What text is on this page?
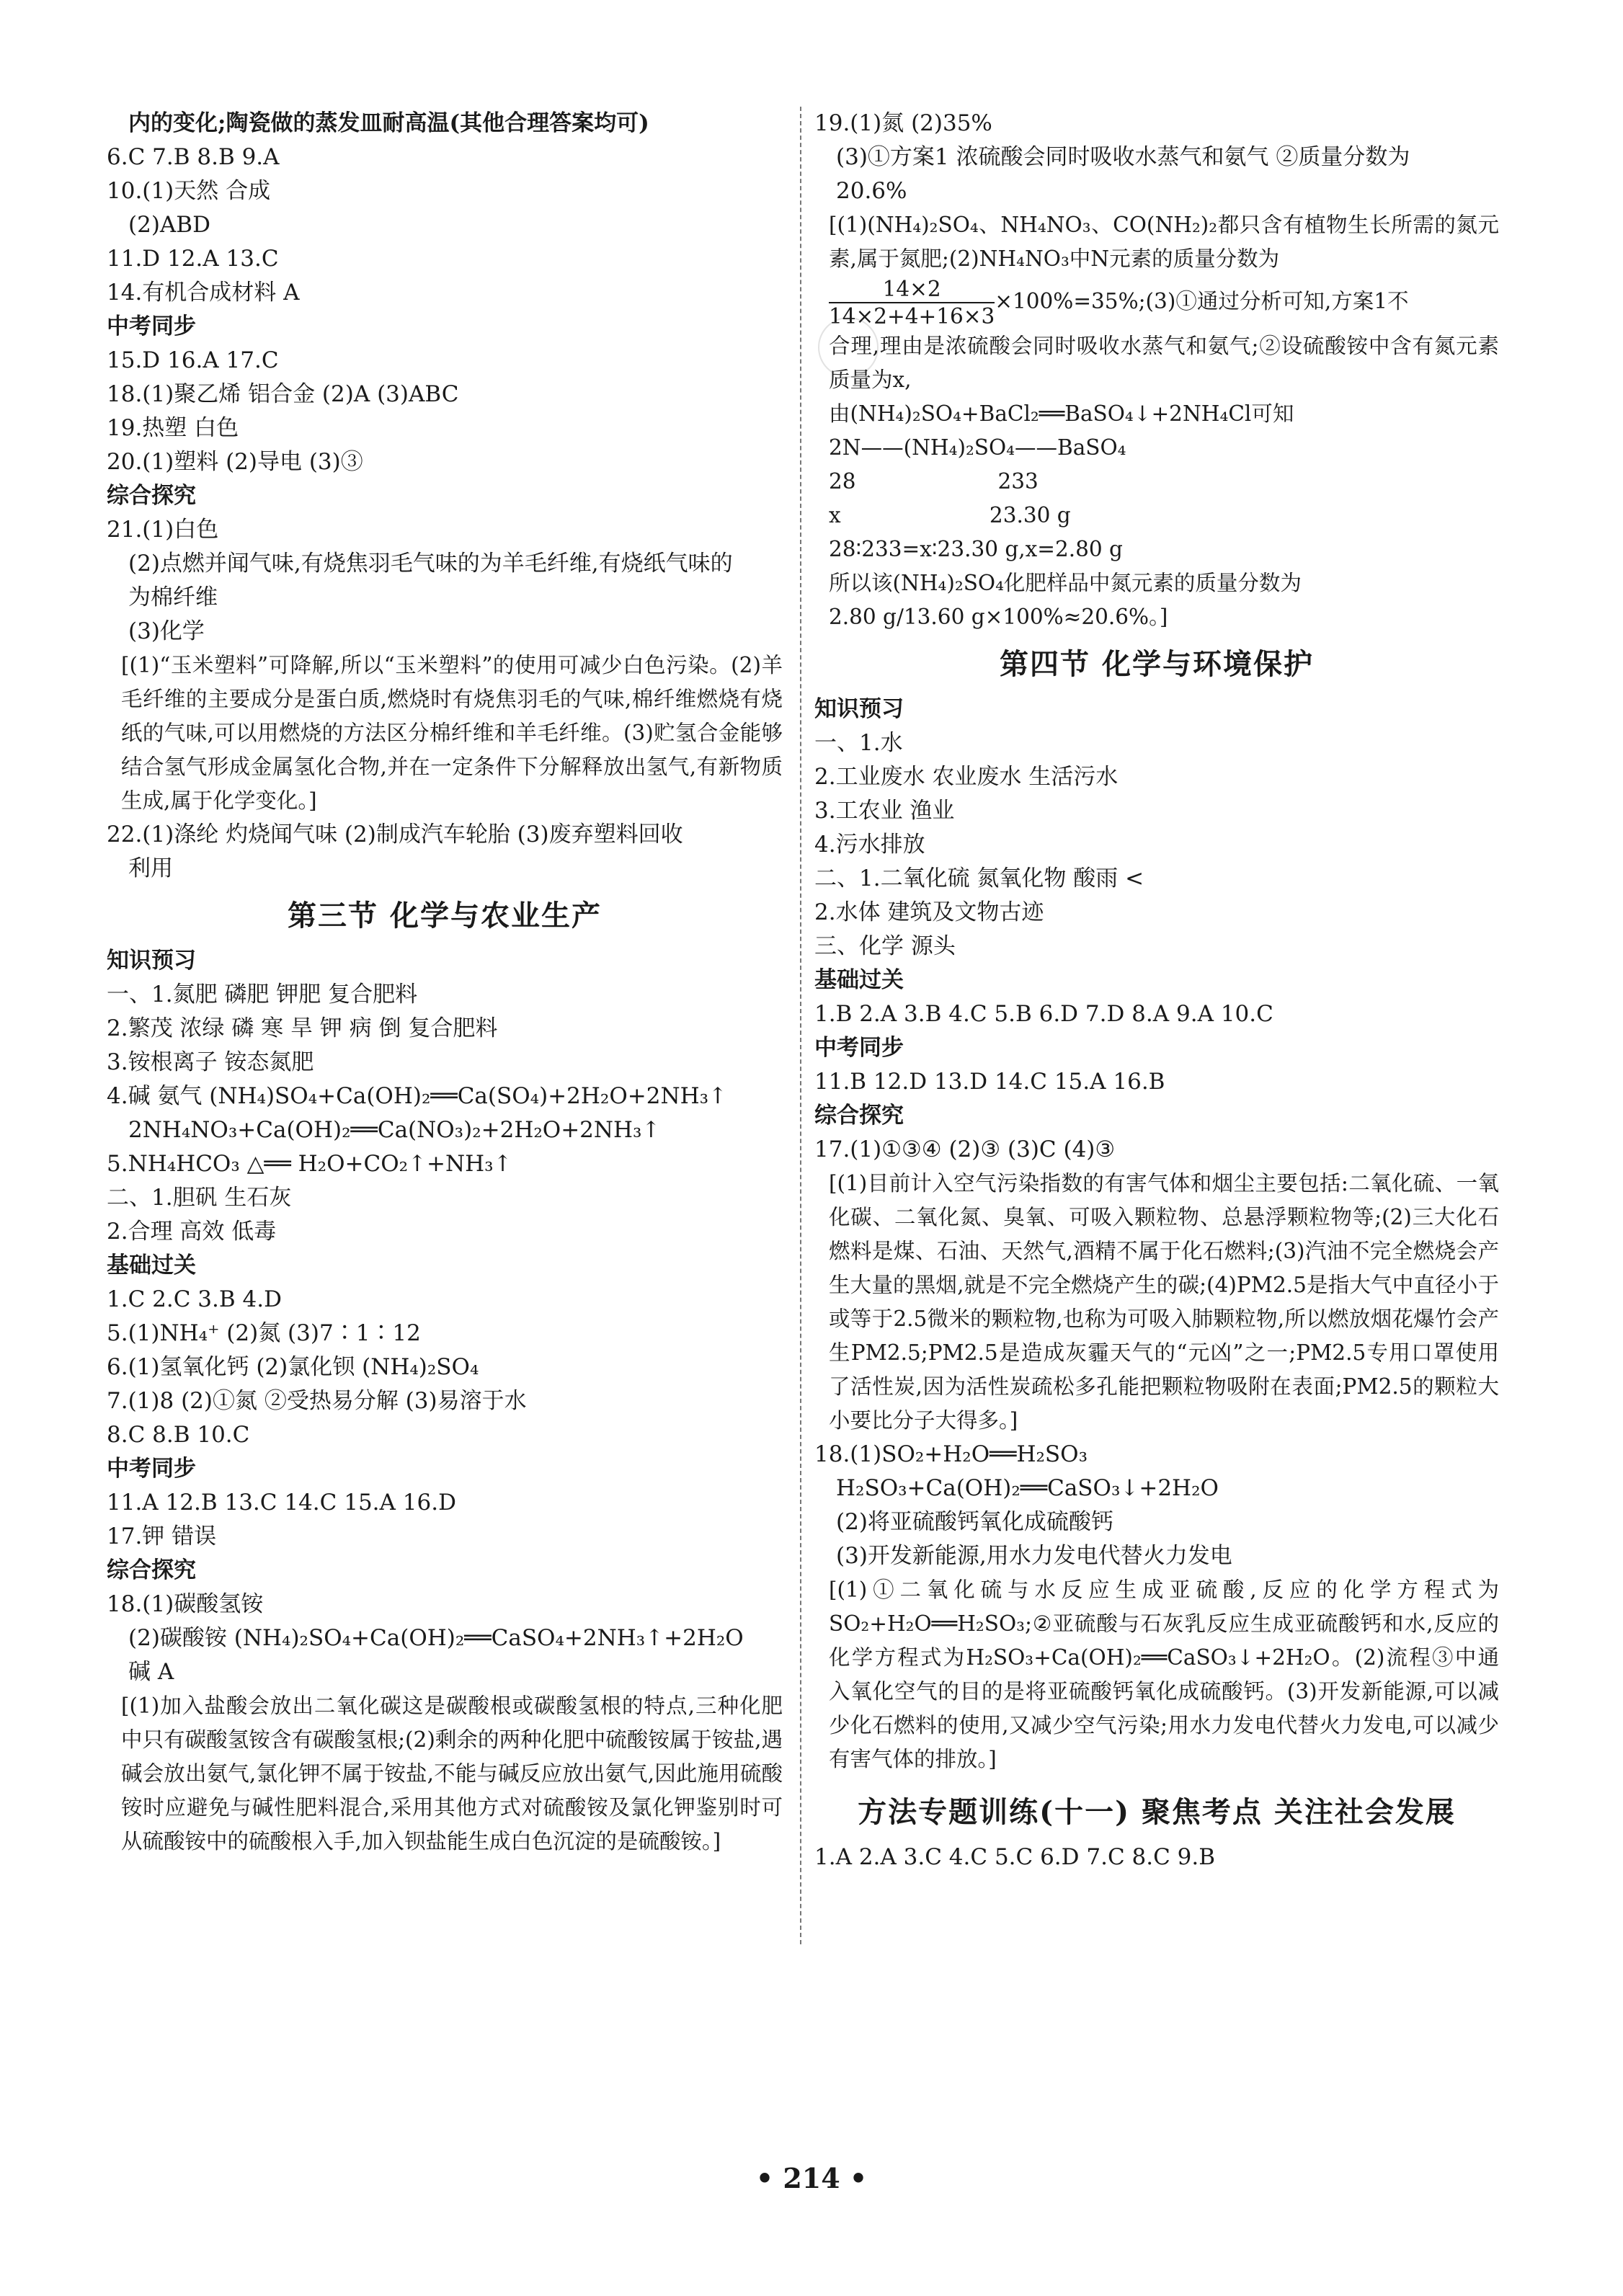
内的变化;陶瓷做的蒸发皿耐高温(其他合理答案均可)
6.C 7.B 8.B 9.A
10.(1)天然 合成
(2)ABD
11.D 12.A 13.C
14.有机合成材料 A
中考同步
15.D 16.A 17.C
18.(1)聚乙烯 铝合金 (2)A (3)ABC
19.热塑 白色
20.(1)塑料 (2)导电 (3)③
综合探究
21.(1)白色
(2)点燃并闻气味,有烧焦羽毛气味的为羊毛纤维,有烧纸气味的
为棉纤维
(3)化学
[(1)“玉米塑料”可降解,所以“玉米塑料”的使用可减少白色污染。(2)羊毛纤维的主要成分是蛋白质,燃烧时有烧焦羽毛的气味,棉纤维燃烧有烧纸的气味,可以用燃烧的方法区分棉纤维和羊毛纤维。(3)贮氢合金能够结合氢气形成金属氢化合物,并在一定条件下分解释放出氢气,有新物质生成,属于化学变化。]
22.(1)涤纶 灼烧闻气味 (2)制成汽车轮胎 (3)废弃塑料回收
利用
第三节 化学与农业生产
知识预习
一、1.氮肥 磷肥 钾肥 复合肥料
2.繁茂 浓绿 磷 寒 旱 钾 病 倒 复合肥料
3.铵根离子 铵态氮肥
4.碱 氨气 (NH₄)SO₄+Ca(OH)₂══Ca(SO₄)+2H₂O+2NH₃↑
2NH₄NO₃+Ca(OH)₂══Ca(NO₃)₂+2H₂O+2NH₃↑
5.NH₄HCO₃ △══ H₂O+CO₂↑+NH₃↑
二、1.胆矾 生石灰
2.合理 高效 低毒
基础过关
1.C 2.C 3.B 4.D
5.(1)NH₄⁺ (2)氮 (3)7∶1∶12
6.(1)氢氧化钙 (2)氯化钡 (NH₄)₂SO₄
7.(1)8 (2)①氮 ②受热易分解 (3)易溶于水
8.C 8.B 10.C
中考同步
11.A 12.B 13.C 14.C 15.A 16.D
17.钾 错误
综合探究
18.(1)碳酸氢铵
(2)碳酸铵 (NH₄)₂SO₄+Ca(OH)₂══CaSO₄+2NH₃↑+2H₂O
碱 A
[(1)加入盐酸会放出二氧化碳这是碳酸根或碳酸氢根的特点,三种化肥中只有碳酸氢铵含有碳酸氢根;(2)剩余的两种化肥中硫酸铵属于铵盐,遇碱会放出氨气,氯化钾不属于铵盐,不能与碱反应放出氨气,因此施用硫酸铵时应避免与碱性肥料混合,采用其他方式对硫酸铵及氯化钾鉴别时可从硫酸铵中的硫酸根入手,加入钡盐能生成白色沉淀的是硫酸铵。]
19.(1)氮 (2)35%
(3)①方案1 浓硫酸会同时吸收水蒸气和氨气 ②质量分数为
20.6%
[(1)(NH₄)₂SO₄、NH₄NO₃、CO(NH₂)₂都只含有植物生长所需的氮元素,属于氮肥;(2)NH₄NO₃中N元素的质量分数为

$\frac{14\times 2}{14\times 2+4+16\times 3}$ ×100%=35%;(3)①通过分析可知,方案1不
合理,理由是浓硫酸会同时吸收水蒸气和氨气;②设硫酸铵中含有氮元素质量为x,
由(NH₄)₂SO₄+BaCl₂══BaSO₄↓+2NH₄Cl可知
2N——(NH₄)₂SO₄——BaSO₄
28                     233
x                      23.30 g
28∶233=x∶23.30 g,x=2.80 g
所以该(NH₄)₂SO₄化肥样品中氮元素的质量分数为
2.80 g/13.60 g×100%≈20.6%。]
第四节 化学与环境保护
知识预习
一、1.水
2.工业废水 农业废水 生活污水
3.工农业 渔业
4.污水排放
二、1.二氧化硫 氮氧化物 酸雨 <
2.水体 建筑及文物古迹
三、化学 源头
基础过关
1.B 2.A 3.B 4.C 5.B 6.D 7.D 8.A 9.A 10.C
中考同步
11.B 12.D 13.D 14.C 15.A 16.B
综合探究
17.(1)①③④ (2)③ (3)C (4)③
[(1)目前计入空气污染指数的有害气体和烟尘主要包括:二氧化硫、一氧化碳、二氧化氮、臭氧、可吸入颗粒物、总悬浮颗粒物等;(2)三大化石燃料是煤、石油、天然气,酒精不属于化石燃料;(3)汽油不完全燃烧会产生大量的黑烟,就是不完全燃烧产生的碳;(4)PM2.5是指大气中直径小于或等于2.5微米的颗粒物,也称为可吸入肺颗粒物,所以燃放烟花爆竹会产生PM2.5;PM2.5是造成灰霾天气的“元凶”之一;PM2.5专用口罩使用了活性炭,因为活性炭疏松多孔能把颗粒物吸附在表面;PM2.5的颗粒大小要比分子大得多。]
18.(1)SO₂+H₂O══H₂SO₃
H₂SO₃+Ca(OH)₂══CaSO₃↓+2H₂O
(2)将亚硫酸钙氧化成硫酸钙
(3)开发新能源,用水力发电代替火力发电
[(1)①二氧化硫与水反应生成亚硫酸,反应的化学方程式为SO₂+H₂O══H₂SO₃;②亚硫酸与石灰乳反应生成亚硫酸钙和水,反应的化学方程式为H₂SO₃+Ca(OH)₂══CaSO₃↓+2H₂O。(2)流程③中通入氧化空气的目的是将亚硫酸钙氧化成硫酸钙。(3)开发新能源,可以减少化石燃料的使用,又减少空气污染;用水力发电代替火力发电,可以减少有害气体的排放。]
方法专题训练(十一) 聚焦考点 关注社会发展
1.A 2.A 3.C 4.C 5.C 6.D 7.C 8.C 9.B
• 214 •
